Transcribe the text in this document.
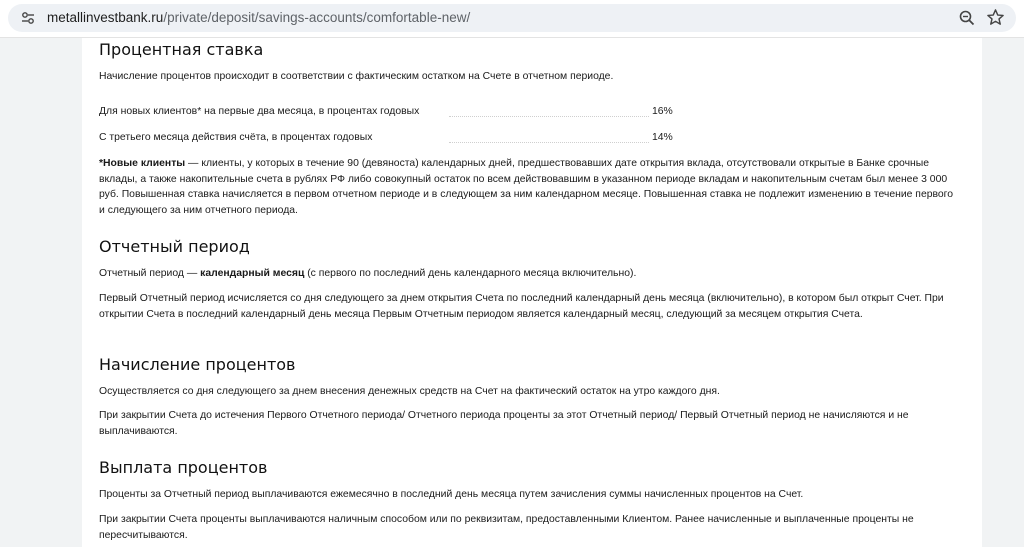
metallinvestbank.ru/private/deposit/savings-accounts/comfortable-new/
Процентная ставка

Начисление процентов происходит в соответствии с фактическим остатком на Счете в отчетном периоде.

Для новых клиентов* на первые два месяца, в процентах годовых	16%
С третьего месяца действия счёта, в процентах годовых	14%

*Новые клиенты — клиенты, у которых в течение 90 (девяноста) календарных дней, предшествовавших дате открытия вклада, отсутствовали открытые в Банке срочные вклады, а также накопительные счета в рублях РФ либо совокупный остаток по всем действовавшим в указанном периоде вкладам и накопительным счетам был менее 3 000 руб. Повышенная ставка начисляется в первом отчетном периоде и в следующем за ним календарном месяце. Повышенная ставка не подлежит изменению в течение первого и следующего за ним отчетного периода.

Отчетный период

Отчетный период — календарный месяц (с первого по последний день календарного месяца включительно).

Первый Отчетный период исчисляется со дня следующего за днем открытия Счета по последний календарный день месяца (включительно), в котором был открыт Счет. При открытии Счета в последний календарный день месяца Первым Отчетным периодом является календарный месяц, следующий за месяцем открытия Счета.

Начисление процентов

Осуществляется со дня следующего за днем внесения денежных средств на Счет на фактический остаток на утро каждого дня.

При закрытии Счета до истечения Первого Отчетного периода/ Отчетного периода проценты за этот Отчетный период/ Первый Отчетный период не начисляются и не выплачиваются.

Выплата процентов

Проценты за Отчетный период выплачиваются ежемесячно в последний день месяца путем зачисления суммы начисленных процентов на Счет.

При закрытии Счета проценты выплачиваются наличным способом или по реквизитам, предоставленными Клиентом. Ранее начисленные и выплаченные проценты не пересчитываются.
